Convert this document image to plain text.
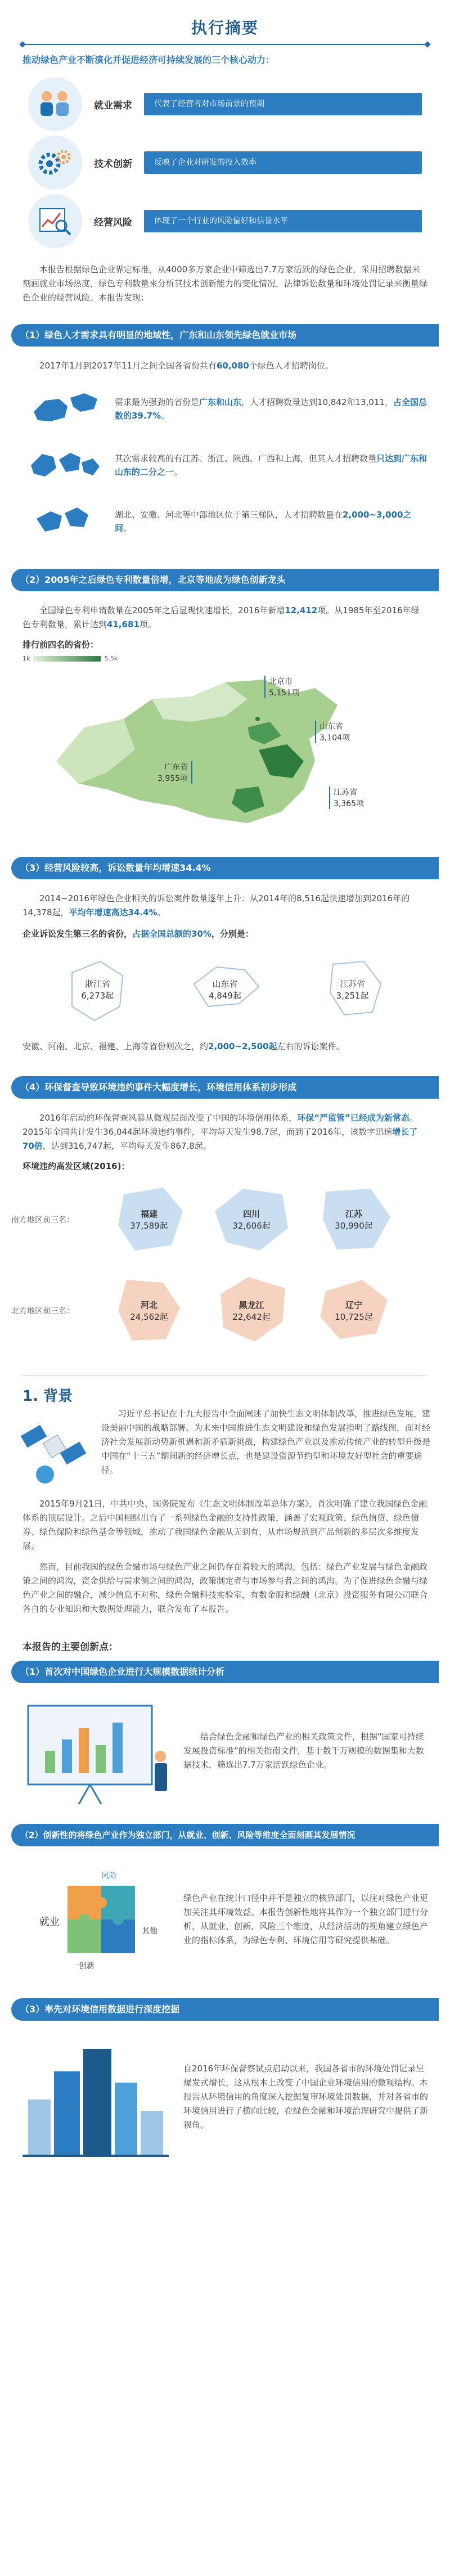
执行摘要
推动绿色产业不断演化并促进经济可持续发展的三个核心动力：
就业需求	代表了经营者对市场前景的预期
技术创新	反映了企业对研发的投入效率
经营风险	体现了一个行业的风险偏好和信誉水平
本报告根据绿色企业界定标准，从4000多万家企业中筛选出7.7万家活跃的绿色企业，采用招聘数据来刻画就业市场热度，绿色专利数量来分析其技术创新能力的变化情况，法律诉讼数量和环境处罚记录来衡量绿色企业的经营风险。本报告发现：
（1）绿色人才需求具有明显的地域性，广东和山东领先绿色就业市场
2017年1月到2017年11月之间全国各省份共有60,080个绿色人才招聘岗位。
需求最为强劲的省份是广东和山东，人才招聘数量达到10,842和13,011，占全国总数的39.7%。
其次需求较高的有江苏、浙江、陕西、广西和上海，但其人才招聘数量只达到广东和山东的二分之一。
湖北、安徽、河北等中部地区位于第三梯队，人才招聘数量在2,000~3,000之间。
（2）2005年之后绿色专利数量倍增，北京等地成为绿色创新龙头
全国绿色专利申请数量在2005年之后显现快速增长，2016年新增12,412项。从1985年至2016年绿色专利数量，累计达到41,681项。
排行前四名的省份：
1k	5.5k
北京市
5,151项
山东省
3,104项
广东省
3,955项
江苏省
3,365项
（3）经营风险较高，诉讼数量年均增速34.4%
2014~2016年绿色企业相关的诉讼案件数量逐年上升：从2014年的8,516起快速增加到2016年的14,378起，平均年增速高达34.4%。
企业诉讼发生第三名的省份，占据全国总额的30%，分别是：
浙江省
6,273起
山东省
4,849起
江苏省
3,251起
安徽、河南、北京、福建、上海等省份则次之，约2,000~2,500起左右的诉讼案件。
（4）环保督查导致环境违约事件大幅度增长，环境信用体系初步形成
2016年启动的环保督查风暴从微观层面改变了中国的环境信用体系，环保“严监管”已经成为新常态。2015年全国共计发生36,044起环境违约事件，平均每天发生98.7起，而到了2016年，该数字迅速增长了70倍，达到316,747起，平均每天发生867.8起。
环境违约高发区域(2016)：
南方地区前三名：
福建
37,589起
四川
32,606起
江苏
30,990起
北方地区前三名：
河北
24,562起
黑龙江
22,642起
辽宁
10,725起
1. 背景
习近平总书记在十九大报告中全面阐述了加快生态文明体制改革，推进绿色发展，建设美丽中国的战略部署。为未来中国推进生态文明建设和绿色发展指明了路线图，面对经济社会发展新动势新机遇和新矛盾新挑战，构建绿色产业以及推动传统产业的转型升级是中国在“十三五”期间新的经济增长点，也是建设资源节约型和环境友好型社会的重要途径。
2015年9月21日，中共中央、国务院发布《生态文明体制改革总体方案》，首次明确了建立我国绿色金融体系的顶层设计。之后中国相继出台了一系列绿色金融的支持性政策，涵盖了宏观政策、绿色信贷、绿色债券、绿色保险和绿色基金等领域，推动了我国绿色金融从无到有，从市场规范到产品创新的多层次多维度发展。
然而，目前我国的绿色金融市场与绿色产业之间仍存在着较大的鸿沟，包括：绿色产业发展与绿色金融政策之间的鸿沟，资金供给与需求侧之间的鸿沟，政策制定者与市场参与者之间的鸿沟。为了促进绿色金融与绿色产业之间的融合，减少信息不对称，绿色金融科技实验室，有数金服和绿融（北京）投资服务有限公司联合各自的专业知识和大数据处理能力，联合发布了本报告。
本报告的主要创新点：
（1）首次对中国绿色企业进行大规模数据统计分析
结合绿色金融和绿色产业的相关政策文件，根据“国家可持续发展投资标准”的相关指南文件，基于数千万规模的数据集和大数据技术，筛选出7.7万家活跃绿色企业。
（2）创新性的将绿色产业作为独立部门，从就业、创新、风险等维度全面刻画其发展情况
风险
就业
其他
创新
绿色产业在统计口径中并不是独立的核算部门，以往对绿色产业更加关注其环境效益。本报告创新性地将其作为一个独立部门进行分析，从就业、创新、风险三个维度，从经济活动的视角建立绿色产业的指标体系，为绿色专利、环境信用等研究提供基础。
（3）率先对环境信用数据进行深度挖掘
自2016年环保督察试点启动以来，我国各省市的环境处罚记录呈爆发式增长，这从根本上改变了中国企业环境信用的微观结构。本报告从环境信用的角度深入挖掘复审环境处罚数据，并对各省市的环境信用进行了横向比较，在绿色金融和环境治理研究中提供了新视角。
